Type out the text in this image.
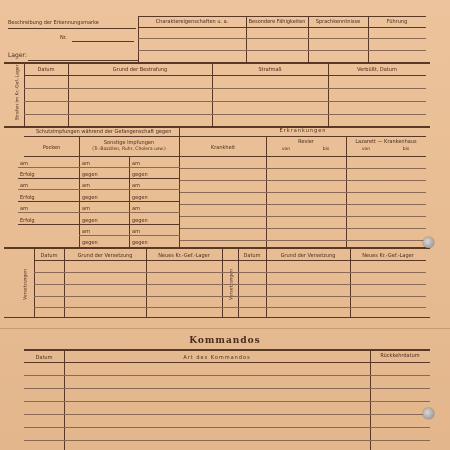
Beschreibung der Erkennungsmarke
Nr.
Lager:
Charaktereigenschaften u. a.	Besondere Fähigkeiten	Sprachkenntnisse	Führung
Strafen im Kr.-Gef.-Lager	Datum	Grund der Bestrafung	Strafmaß	Verbüßt, Datum
Schutzimpfungen während der Gefangenschaft gegen	Erkrankungen
Pocken
Sonstige Impfungen
(Tr.-Bazzilen, Ruhr, Cholera usw.)	Krankheit
Revier
von	bis
Lazarett — Krankenhaus
von	bis
am	am	am
Erfolg	gegen	gegen
am	am	am
Erfolg	gegen	gegen
am	am	am
Erfolg	gegen	gegen
am	am
gegen	gegen
Versetzungen
Datum	Grund der Versetzung	Neues Kr.-Gef.-Lager	Datum	Grund der Versetzung	Neues Kr.-Gef.-Lager
Kommandos
Datum	Art des Kommandos	Rückkehrdatum
